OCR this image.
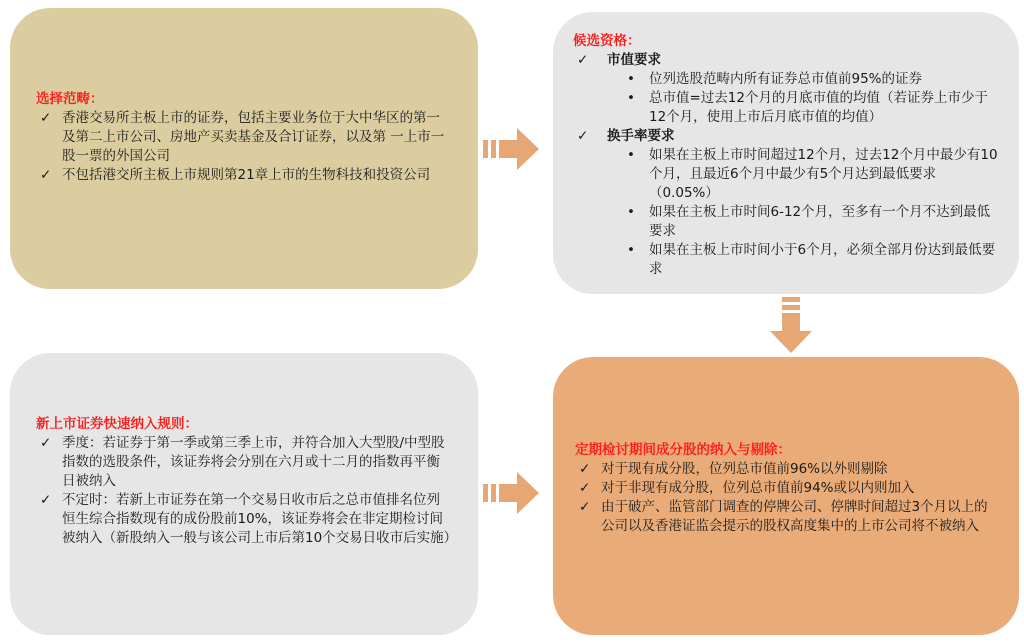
选择范畴：
✓ 香港交易所主板上市的证券，包括主要业务位于大中华区的第一及第二上市公司、房地产买卖基金及合订证券，以及第 一上市一股一票的外国公司
✓ 不包括港交所主板上市规则第21章上市的生物科技和投资公司
候选资格：
✓ 市值要求
• 位列选股范畴内所有证券总市值前95%的证券
• 总市值=过去12个月的月底市值的均值（若证券上市少于12个月，使用上市后月底市值的均值）
✓ 换手率要求
• 如果在主板上市时间超过12个月，过去12个月中最少有10个月，且最近6个月中最少有5个月达到最低要求（0.05%）
• 如果在主板上市时间6-12个月，至多有一个月不达到最低要求
• 如果在主板上市时间小于6个月，必须全部月份达到最低要求
新上市证券快速纳入规则：
✓ 季度：若证券于第一季或第三季上市，并符合加入大型股/中型股指数的选股条件，该证券将会分别在六月或十二月的指数再平衡日被纳入
✓ 不定时：若新上市证券在第一个交易日收市后之总市值排名位列恒生综合指数现有的成份股前10%，该证券将会在非定期检讨间被纳入（新股纳入一般与该公司上市后第10个交易日收市后实施）
定期检讨期间成分股的纳入与剔除：
✓ 对于现有成分股，位列总市值前96%以外则剔除
✓ 对于非现有成分股，位列总市值前94%或以内则加入
✓ 由于破产、监管部门调查的停牌公司、停牌时间超过3个月以上的公司以及香港证监会提示的股权高度集中的上市公司将不被纳入
